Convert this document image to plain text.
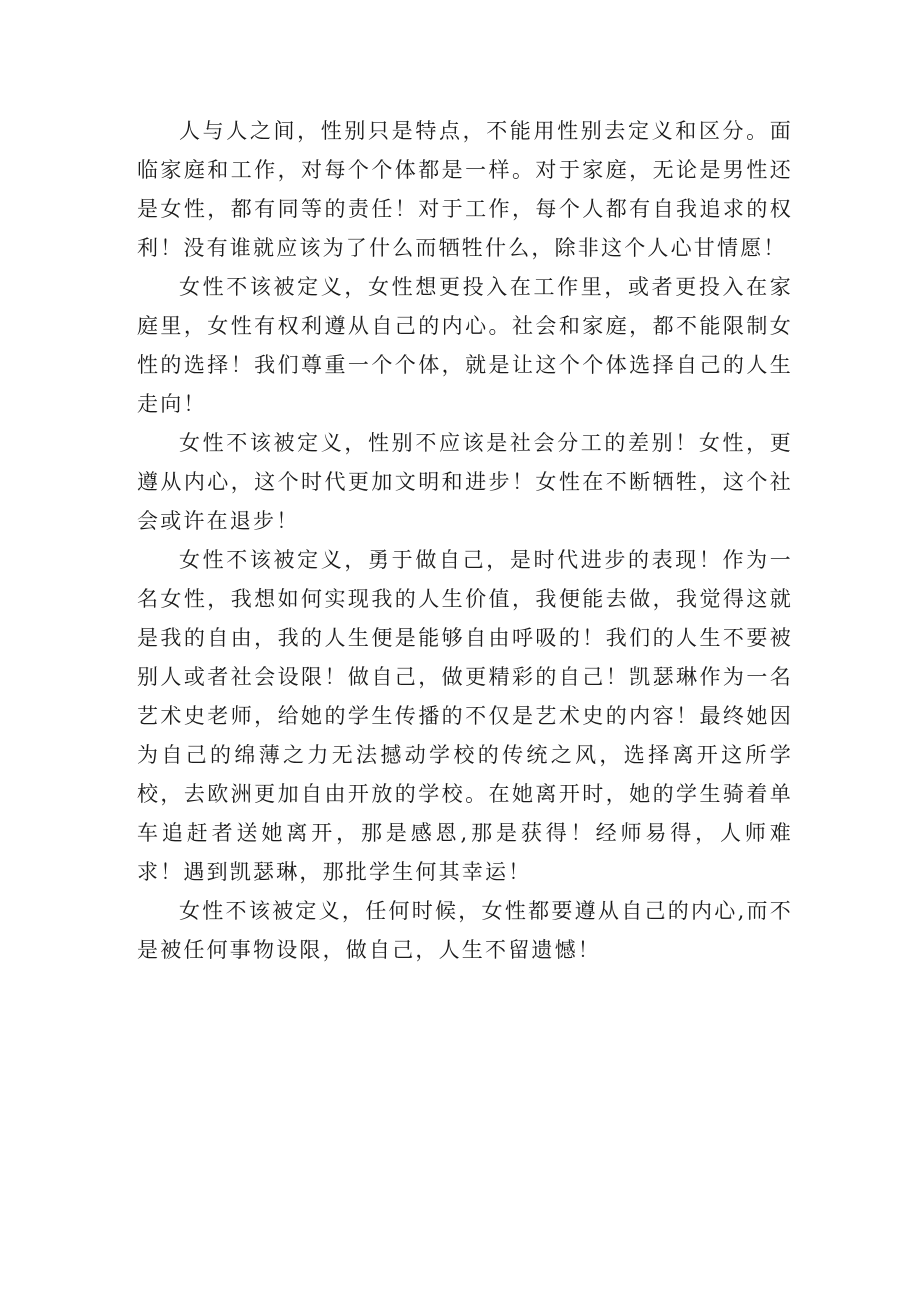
人与人之间，性别只是特点，不能用性别去定义和区分。面临家庭和工作，对每个个体都是一样。对于家庭，无论是男性还是女性，都有同等的责任！对于工作，每个人都有自我追求的权利！没有谁就应该为了什么而牺牲什么，除非这个人心甘情愿！

女性不该被定义，女性想更投入在工作里，或者更投入在家庭里，女性有权利遵从自己的内心。社会和家庭，都不能限制女性的选择！我们尊重一个个体，就是让这个个体选择自己的人生走向！

女性不该被定义，性别不应该是社会分工的差别！女性，更遵从内心，这个时代更加文明和进步！女性在不断牺牲，这个社会或许在退步！

女性不该被定义，勇于做自己，是时代进步的表现！作为一名女性，我想如何实现我的人生价值，我便能去做，我觉得这就是我的自由，我的人生便是能够自由呼吸的！我们的人生不要被别人或者社会设限！做自己，做更精彩的自己！凯瑟琳作为一名艺术史老师，给她的学生传播的不仅是艺术史的内容！最终她因为自己的绵薄之力无法撼动学校的传统之风，选择离开这所学校，去欧洲更加自由开放的学校。在她离开时，她的学生骑着单车追赶者送她离开，那是感恩,那是获得！经师易得，人师难求！遇到凯瑟琳，那批学生何其幸运！

女性不该被定义，任何时候，女性都要遵从自己的内心,而不是被任何事物设限，做自己，人生不留遗憾！
